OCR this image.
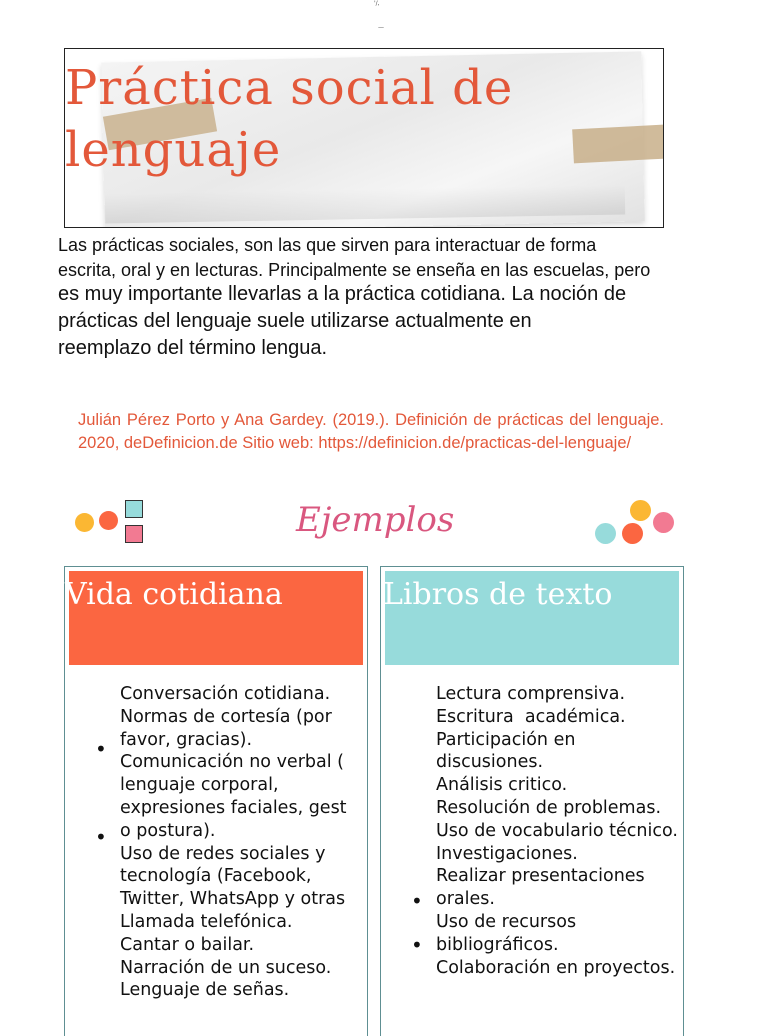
'/,
—
Práctica social de
lenguaje

Las prácticas sociales, son las que sirven para interactuar de forma
escrita, oral y en lecturas. Principalmente se enseña en las escuelas, pero

es muy importante llevarlas a la práctica cotidiana. La noción de
prácticas del lenguaje suele utilizarse actualmente en
reemplazo del término lengua.

Julián Pérez Porto y Ana Gardey. (2019.). Definición de prácticas del lenguaje. 2020, deDefinicion.de Sitio web: https://definicion.de/practicas-del-lenguaje/

Ejemplos
Vida cotidiana
•
•
Conversación cotidiana.
Normas de cortesía (por
favor, gracias).
Comunicación no verbal (
lenguaje corporal,
expresiones faciales, gest
o postura).
Uso de redes sociales y
tecnología (Facebook,
Twitter, WhatsApp y otras
Llamada telefónica.
Cantar o bailar.
Narración de un suceso.
Lenguaje de señas.
Libros de texto
•
•
Lectura comprensiva.
Escritura  académica.
Participación en
discusiones.
Análisis critico.
Resolución de problemas.
Uso de vocabulario técnico.
Investigaciones.
Realizar presentaciones
orales.
Uso de recursos
bibliográficos.
Colaboración en proyectos.
